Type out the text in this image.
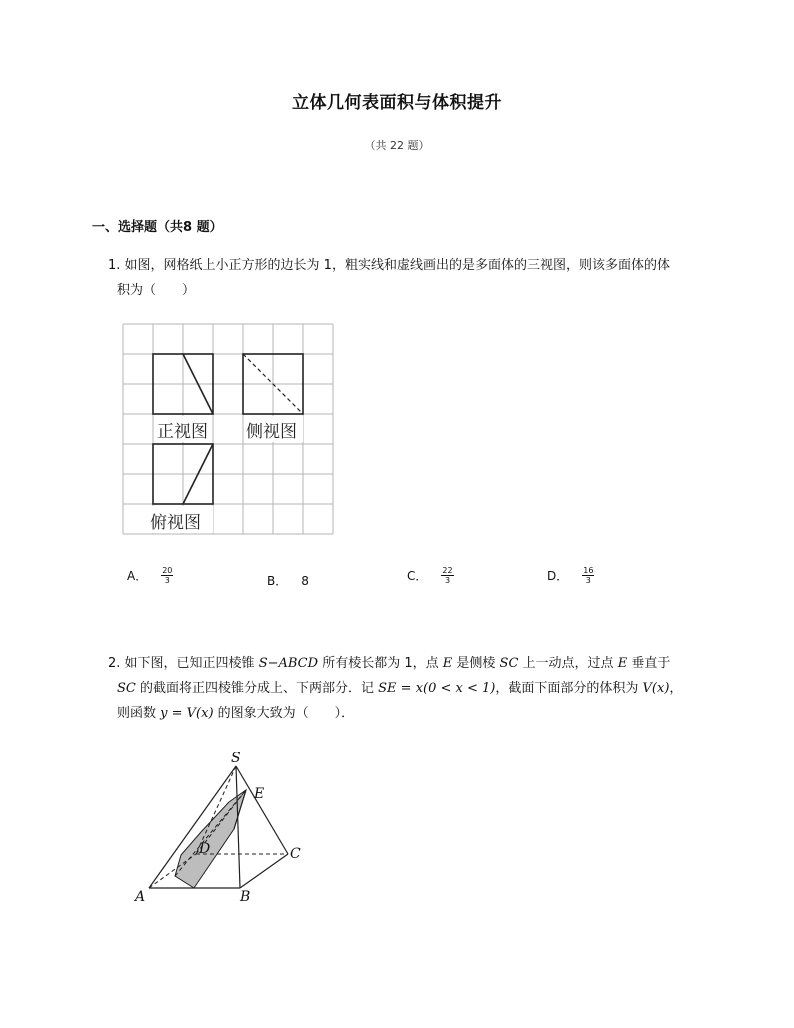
立体几何表面积与体积提升
（共 22 题）
一、选择题（共8 题）
1. 如图，网格纸上小正方形的边长为 1，粗实线和虚线画出的是多面体的三视图，则该多面体的体
积为（　　）
正视图 侧视图
俯视图
A． $\frac{20}{3}$	B． 8	C． $\frac{22}{3}$	D． $\frac{16}{3}$
2. 如下图，已知正四棱锥 S−ABCD 所有棱长都为 1，点 E 是侧棱 SC 上一动点，过点 E 垂直于
SC 的截面将正四棱锥分成上、下两部分．记 SE = x(0 < x < 1)，截面下面部分的体积为 V(x)，
则函数 y = V(x) 的图象大致为（　　）．
S
E
D	C
A	B
